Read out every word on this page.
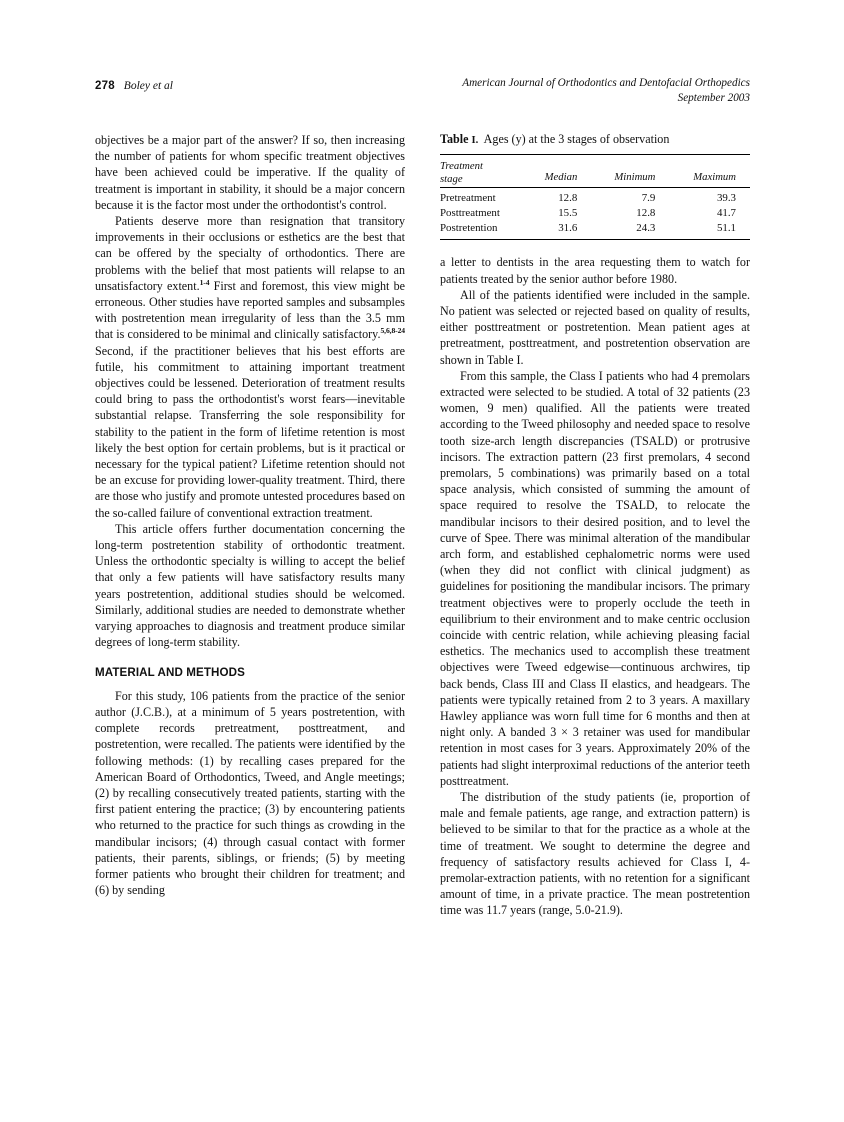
278 Boley et al	American Journal of Orthodontics and Dentofacial Orthopedics
September 2003

objectives be a major part of the answer? If so, then increasing the number of patients for whom specific treatment objectives have been achieved could be imperative. If the quality of treatment is important in stability, it should be a major concern because it is the factor most under the orthodontist's control.

Patients deserve more than resignation that transitory improvements in their occlusions or esthetics are the best that can be offered by the specialty of orthodontics. There are problems with the belief that most patients will relapse to an unsatisfactory extent.$^{1-4}$ First and foremost, this view might be erroneous. Other studies have reported samples and subsamples with postretention mean irregularity of less than the 3.5 mm that is considered to be minimal and clinically satisfactory.$^{5,6,8-24}$ Second, if the practitioner believes that his best efforts are futile, his commitment to attaining important treatment objectives could be lessened. Deterioration of treatment results could bring to pass the orthodontist's worst fears—inevitable substantial relapse. Transferring the sole responsibility for stability to the patient in the form of lifetime retention is most likely the best option for certain problems, but is it practical or necessary for the typical patient? Lifetime retention should not be an excuse for providing lower-quality treatment. Third, there are those who justify and promote untested procedures based on the so-called failure of conventional extraction treatment.

This article offers further documentation concerning the long-term postretention stability of orthodontic treatment. Unless the orthodontic specialty is willing to accept the belief that only a few patients will have satisfactory results many years postretention, additional studies should be welcomed. Similarly, additional studies are needed to demonstrate whether varying approaches to diagnosis and treatment produce similar degrees of long-term stability.

MATERIAL AND METHODS

For this study, 106 patients from the practice of the senior author (J.C.B.), at a minimum of 5 years postretention, with complete records pretreatment, posttreatment, and postretention, were recalled. The patients were identified by the following methods: (1) by recalling cases prepared for the American Board of Orthodontics, Tweed, and Angle meetings; (2) by recalling consecutively treated patients, starting with the first patient entering the practice; (3) by encountering patients who returned to the practice for such things as crowding in the mandibular incisors; (4) through casual contact with former patients, their parents, siblings, or friends; (5) by meeting former patients who brought their children for treatment; and (6) by sending

Table I. Ages (y) at the 3 stages of observation
Treatment
stage	Median	Minimum	Maximum
Pretreatment	12.8	7.9	39.3
Posttreatment	15.5	12.8	41.7
Postretention	31.6	24.3	51.1

a letter to dentists in the area requesting them to watch for patients treated by the senior author before 1980.

All of the patients identified were included in the sample. No patient was selected or rejected based on quality of results, either posttreatment or postretention. Mean patient ages at pretreatment, posttreatment, and postretention observation are shown in Table I.

From this sample, the Class I patients who had 4 premolars extracted were selected to be studied. A total of 32 patients (23 women, 9 men) qualified. All the patients were treated according to the Tweed philosophy and needed space to resolve tooth size-arch length discrepancies (TSALD) or protrusive incisors. The extraction pattern (23 first premolars, 4 second premolars, 5 combinations) was primarily based on a total space analysis, which consisted of summing the amount of space required to resolve the TSALD, to relocate the mandibular incisors to their desired position, and to level the curve of Spee. There was minimal alteration of the mandibular arch form, and established cephalometric norms were used (when they did not conflict with clinical judgment) as guidelines for positioning the mandibular incisors. The primary treatment objectives were to properly occlude the teeth in equilibrium to their environment and to make centric occlusion coincide with centric relation, while achieving pleasing facial esthetics. The mechanics used to accomplish these treatment objectives were Tweed edgewise—continuous archwires, tip back bends, Class III and Class II elastics, and headgears. The patients were typically retained from 2 to 3 years. A maxillary Hawley appliance was worn full time for 6 months and then at night only. A banded 3 × 3 retainer was used for mandibular retention in most cases for 3 years. Approximately 20% of the patients had slight interproximal reductions of the anterior teeth posttreatment.

The distribution of the study patients (ie, proportion of male and female patients, age range, and extraction pattern) is believed to be similar to that for the practice as a whole at the time of treatment. We sought to determine the degree and frequency of satisfactory results achieved for Class I, 4-premolar-extraction patients, with no retention for a significant amount of time, in a private practice. The mean postretention time was 11.7 years (range, 5.0-21.9).
